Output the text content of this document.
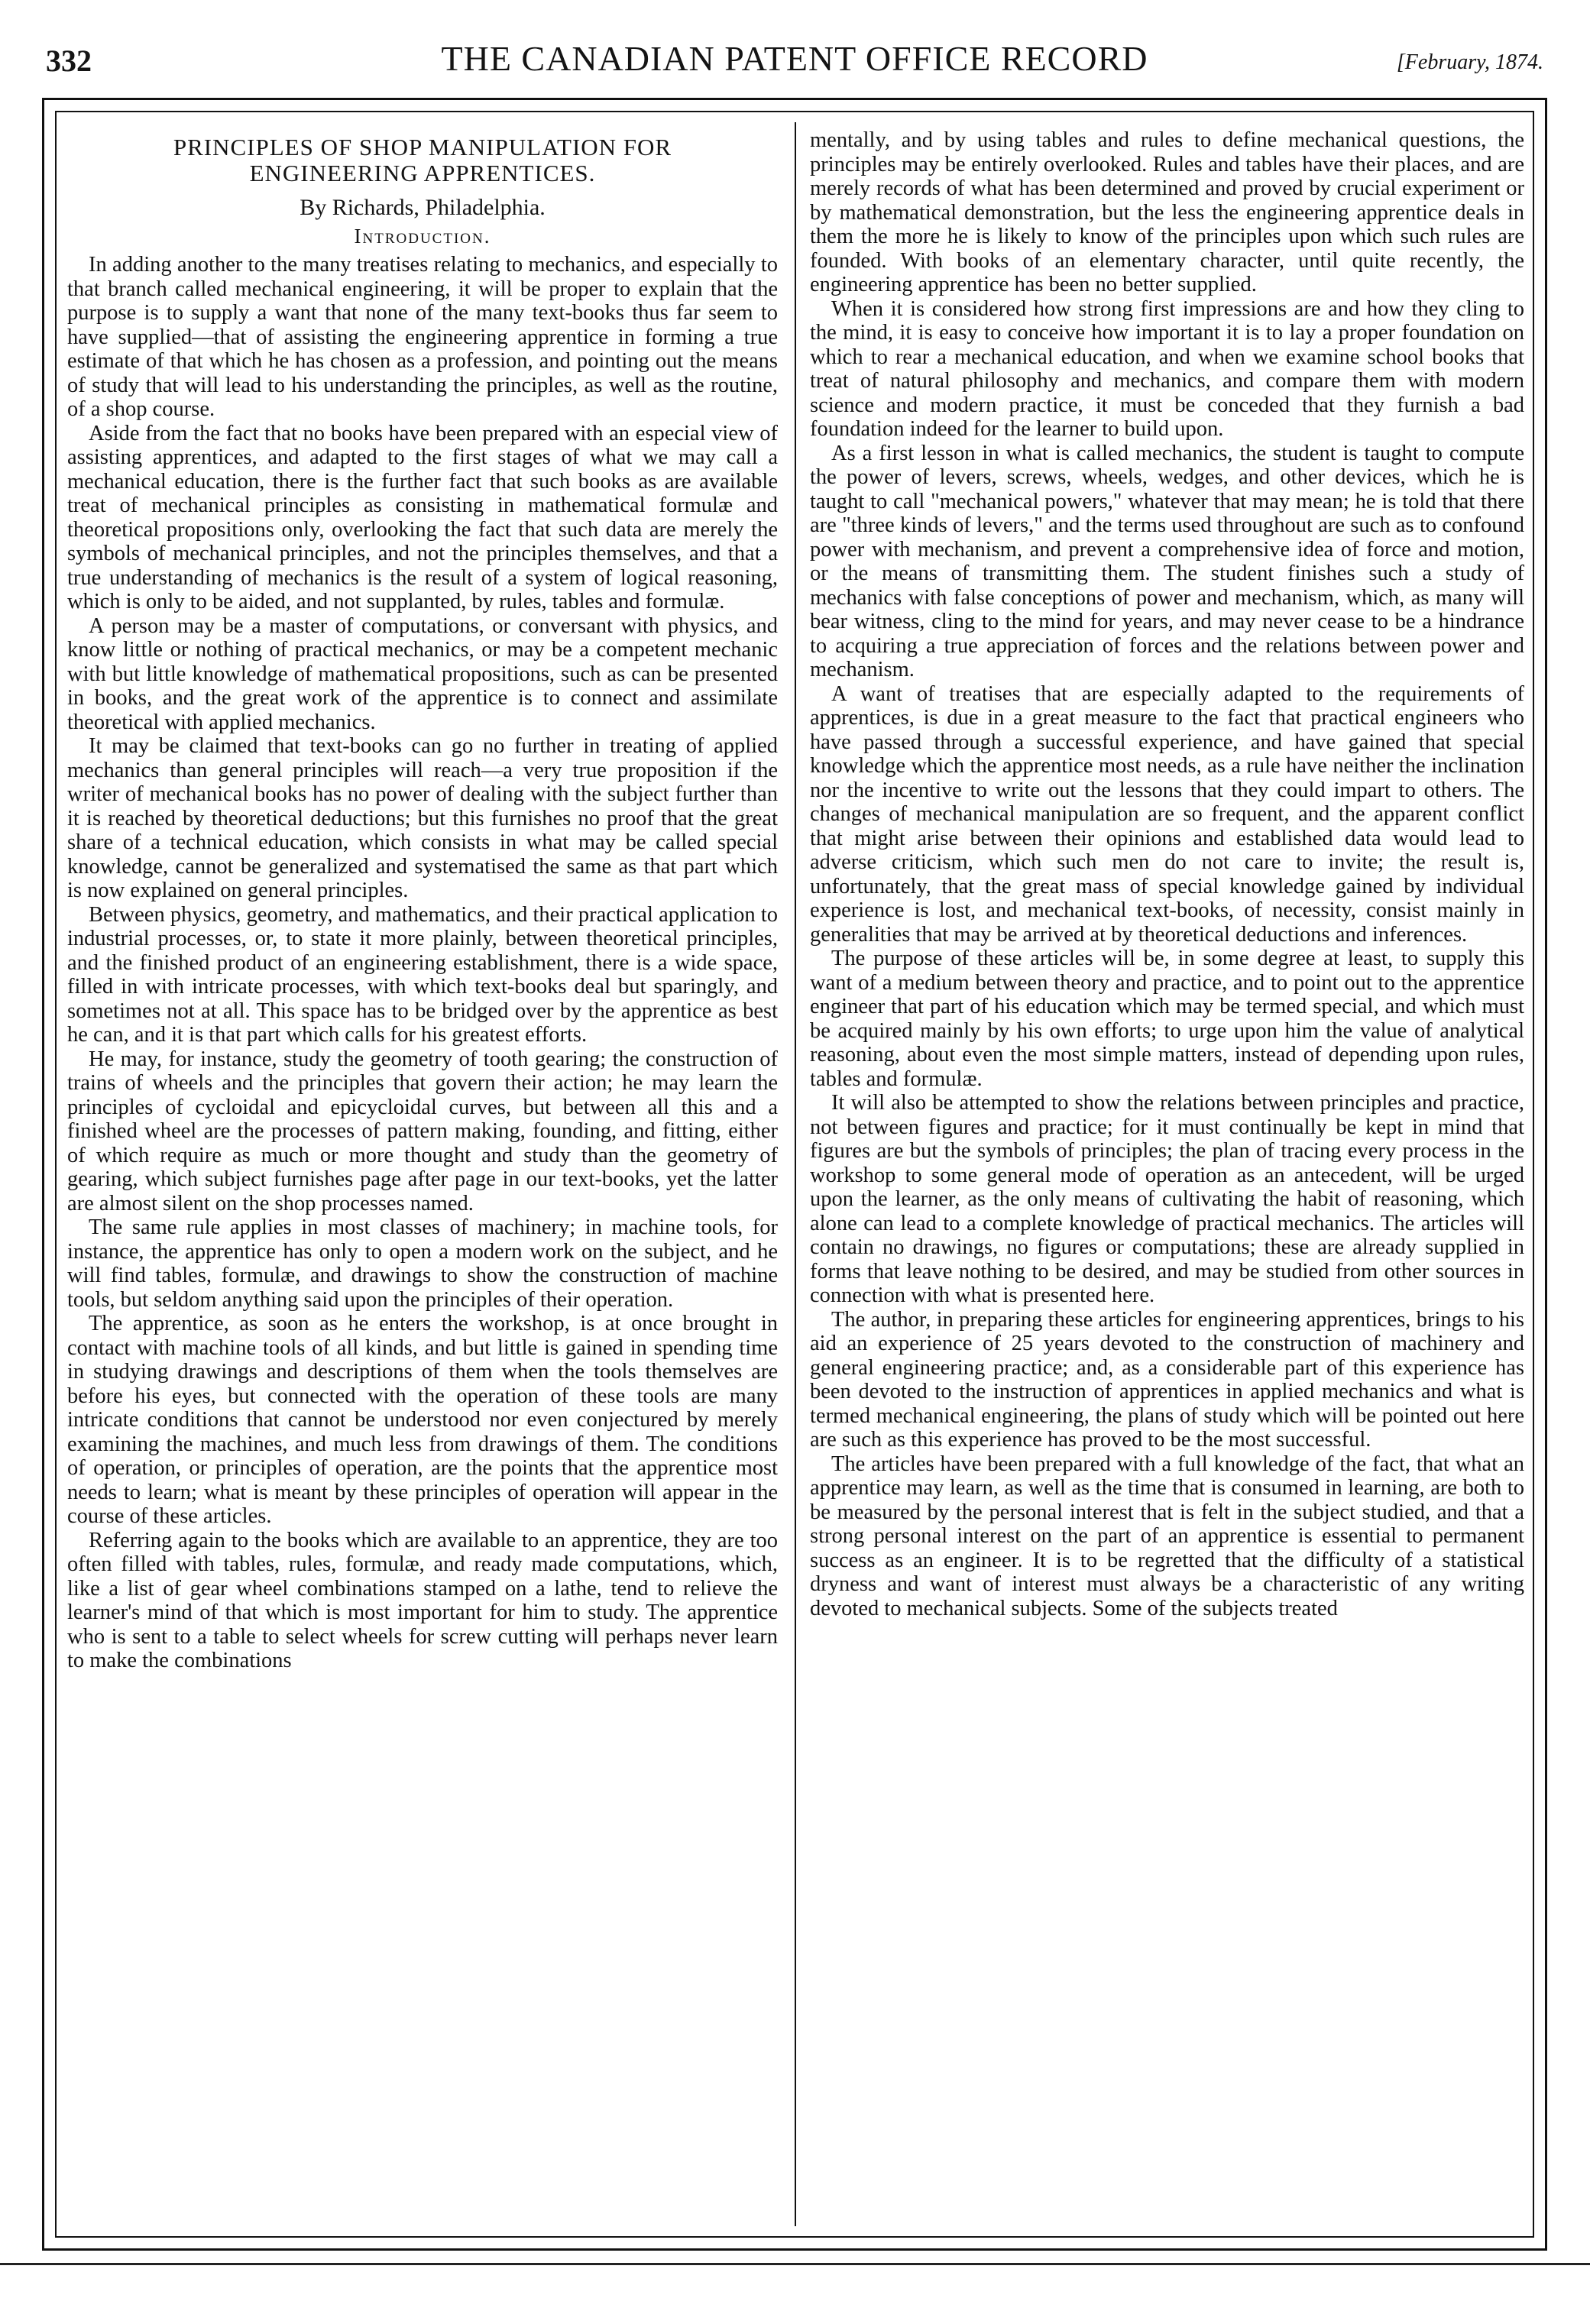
332	THE CANADIAN PATENT OFFICE RECORD	[February, 1874.
PRINCIPLES OF SHOP MANIPULATION FOR ENGINEERING APPRENTICES.
By Richards, Philadelphia.
Introduction.

In adding another to the many treatises relating to mechanics, and especially to that branch called mechanical engineering, it will be proper to explain that the purpose is to supply a want that none of the many text-books thus far seem to have supplied—that of assisting the engineering apprentice in forming a true estimate of that which he has chosen as a profession, and pointing out the means of study that will lead to his understanding the principles, as well as the routine, of a shop course.

Aside from the fact that no books have been prepared with an especial view of assisting apprentices, and adapted to the first stages of what we may call a mechanical education, there is the further fact that such books as are available treat of mechanical principles as consisting in mathematical formulæ and theoretical propositions only, overlooking the fact that such data are merely the symbols of mechanical principles, and not the principles themselves, and that a true understanding of mechanics is the result of a system of logical reasoning, which is only to be aided, and not supplanted, by rules, tables and formulæ.

A person may be a master of computations, or conversant with physics, and know little or nothing of practical mechanics, or may be a competent mechanic with but little knowledge of mathematical propositions, such as can be presented in books, and the great work of the apprentice is to connect and assimilate theoretical with applied mechanics.

It may be claimed that text-books can go no further in treating of applied mechanics than general principles will reach—a very true proposition if the writer of mechanical books has no power of dealing with the subject further than it is reached by theoretical deductions; but this furnishes no proof that the great share of a technical education, which consists in what may be called special knowledge, cannot be generalized and systematised the same as that part which is now explained on general principles.

Between physics, geometry, and mathematics, and their practical application to industrial processes, or, to state it more plainly, between theoretical principles, and the finished product of an engineering establishment, there is a wide space, filled in with intricate processes, with which text-books deal but sparingly, and sometimes not at all. This space has to be bridged over by the apprentice as best he can, and it is that part which calls for his greatest efforts.

He may, for instance, study the geometry of tooth gearing; the construction of trains of wheels and the principles that govern their action; he may learn the principles of cycloidal and epicycloidal curves, but between all this and a finished wheel are the processes of pattern making, founding, and fitting, either of which require as much or more thought and study than the geometry of gearing, which subject furnishes page after page in our text-books, yet the latter are almost silent on the shop processes named.

The same rule applies in most classes of machinery; in machine tools, for instance, the apprentice has only to open a modern work on the subject, and he will find tables, formulæ, and drawings to show the construction of machine tools, but seldom anything said upon the principles of their operation.

The apprentice, as soon as he enters the workshop, is at once brought in contact with machine tools of all kinds, and but little is gained in spending time in studying drawings and descriptions of them when the tools themselves are before his eyes, but connected with the operation of these tools are many intricate conditions that cannot be understood nor even conjectured by merely examining the machines, and much less from drawings of them. The conditions of operation, or principles of operation, are the points that the apprentice most needs to learn; what is meant by these principles of operation will appear in the course of these articles.

Referring again to the books which are available to an apprentice, they are too often filled with tables, rules, formulæ, and ready made computations, which, like a list of gear wheel combinations stamped on a lathe, tend to relieve the learner's mind of that which is most important for him to study. The apprentice who is sent to a table to select wheels for screw cutting will perhaps never learn to make the combinations

mentally, and by using tables and rules to define mechanical questions, the principles may be entirely overlooked. Rules and tables have their places, and are merely records of what has been determined and proved by crucial experiment or by mathematical demonstration, but the less the engineering apprentice deals in them the more he is likely to know of the principles upon which such rules are founded. With books of an elementary character, until quite recently, the engineering apprentice has been no better supplied.

When it is considered how strong first impressions are and how they cling to the mind, it is easy to conceive how important it is to lay a proper foundation on which to rear a mechanical education, and when we examine school books that treat of natural philosophy and mechanics, and compare them with modern science and modern practice, it must be conceded that they furnish a bad foundation indeed for the learner to build upon.

As a first lesson in what is called mechanics, the student is taught to compute the power of levers, screws, wheels, wedges, and other devices, which he is taught to call "mechanical powers," whatever that may mean; he is told that there are "three kinds of levers," and the terms used throughout are such as to confound power with mechanism, and prevent a comprehensive idea of force and motion, or the means of transmitting them. The student finishes such a study of mechanics with false conceptions of power and mechanism, which, as many will bear witness, cling to the mind for years, and may never cease to be a hindrance to acquiring a true appreciation of forces and the relations between power and mechanism.

A want of treatises that are especially adapted to the requirements of apprentices, is due in a great measure to the fact that practical engineers who have passed through a successful experience, and have gained that special knowledge which the apprentice most needs, as a rule have neither the inclination nor the incentive to write out the lessons that they could impart to others. The changes of mechanical manipulation are so frequent, and the apparent conflict that might arise between their opinions and established data would lead to adverse criticism, which such men do not care to invite; the result is, unfortunately, that the great mass of special knowledge gained by individual experience is lost, and mechanical text-books, of necessity, consist mainly in generalities that may be arrived at by theoretical deductions and inferences.

The purpose of these articles will be, in some degree at least, to supply this want of a medium between theory and practice, and to point out to the apprentice engineer that part of his education which may be termed special, and which must be acquired mainly by his own efforts; to urge upon him the value of analytical reasoning, about even the most simple matters, instead of depending upon rules, tables and formulæ.

It will also be attempted to show the relations between principles and practice, not between figures and practice; for it must continually be kept in mind that figures are but the symbols of principles; the plan of tracing every process in the workshop to some general mode of operation as an antecedent, will be urged upon the learner, as the only means of cultivating the habit of reasoning, which alone can lead to a complete knowledge of practical mechanics. The articles will contain no drawings, no figures or computations; these are already supplied in forms that leave nothing to be desired, and may be studied from other sources in connection with what is presented here.

The author, in preparing these articles for engineering apprentices, brings to his aid an experience of 25 years devoted to the construction of machinery and general engineering practice; and, as a considerable part of this experience has been devoted to the instruction of apprentices in applied mechanics and what is termed mechanical engineering, the plans of study which will be pointed out here are such as this experience has proved to be the most successful.

The articles have been prepared with a full knowledge of the fact, that what an apprentice may learn, as well as the time that is consumed in learning, are both to be measured by the personal interest that is felt in the subject studied, and that a strong personal interest on the part of an apprentice is essential to permanent success as an engineer. It is to be regretted that the difficulty of a statistical dryness and want of interest must always be a characteristic of any writing devoted to mechanical subjects. Some of the subjects treated
